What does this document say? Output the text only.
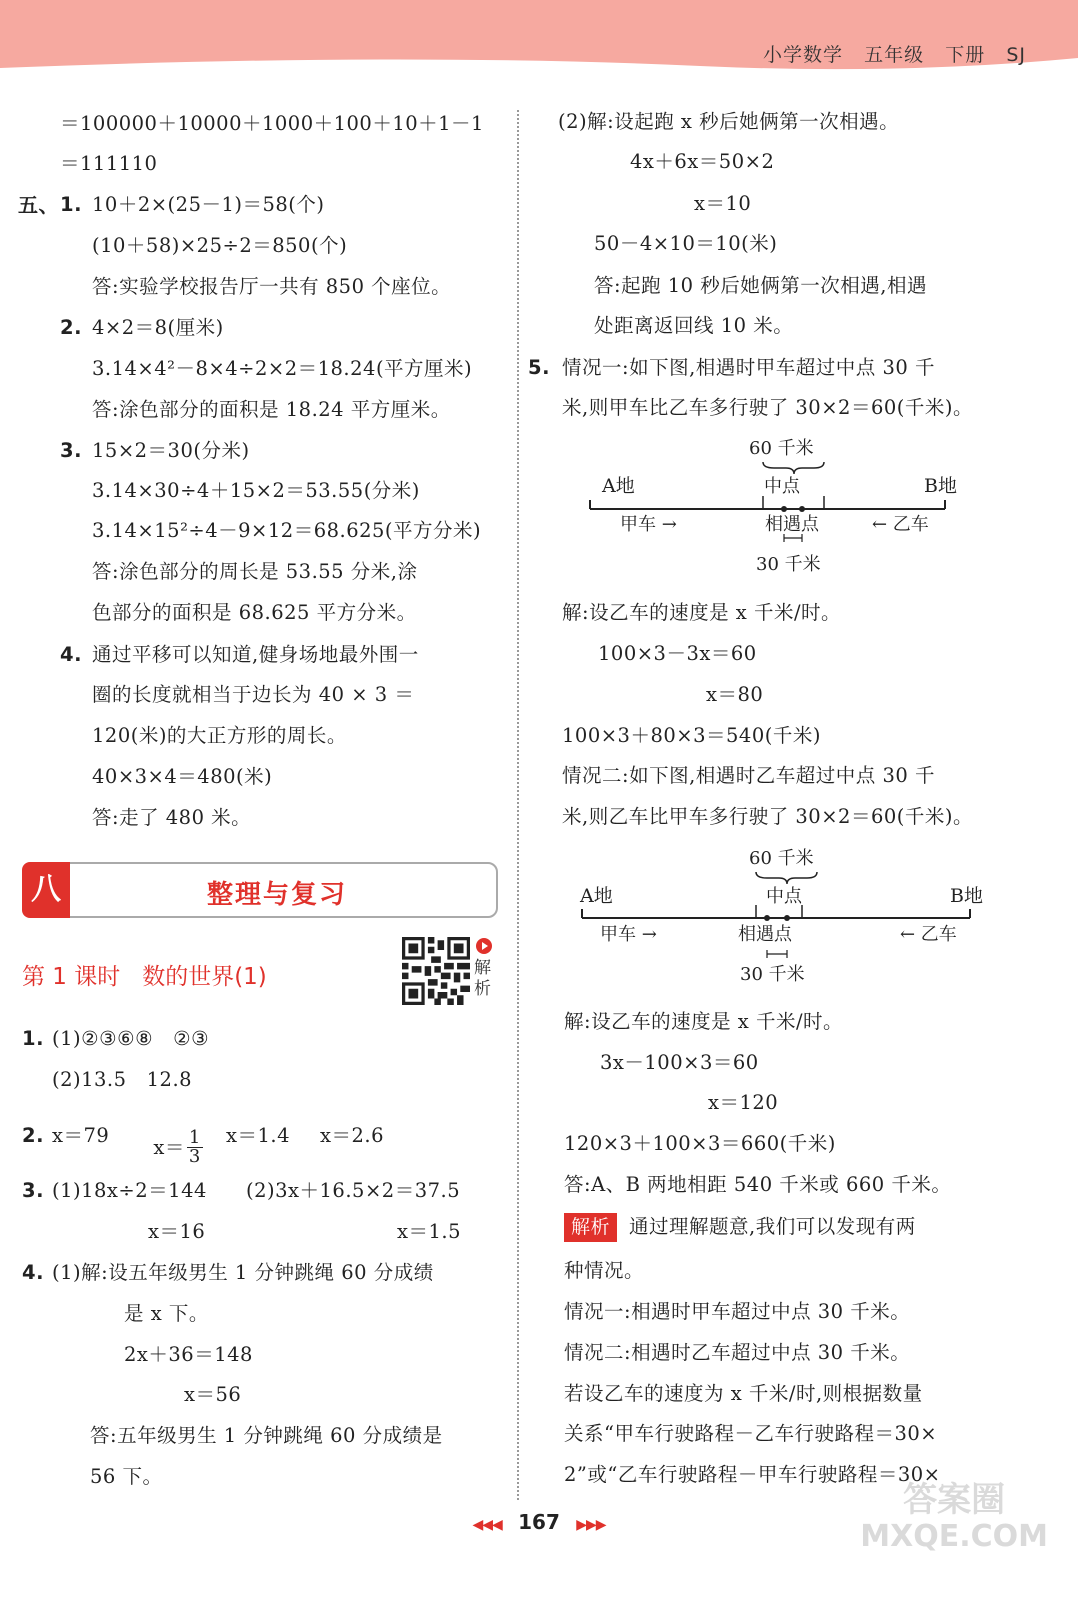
小学数学   五年级   下册   SJ
＝100000＋10000＋1000＋100＋10＋1－1
＝111110
五、 1. 10＋2×(25－1)＝58(个)
(10＋58)×25÷2＝850(个)
答:实验学校报告厅一共有 850 个座位。
2. 4×2＝8(厘米)
3.14×4²－8×4÷2×2＝18.24(平方厘米)
答:涂色部分的面积是 18.24 平方厘米。
3. 15×2＝30(分米)
3.14×30÷4＋15×2＝53.55(分米)
3.14×15²÷4－9×12＝68.625(平方分米)
答:涂色部分的周长是 53.55 分米,涂
色部分的面积是 68.625 平方分米。
4. 通过平移可以知道,健身场地最外围一
圈的长度就相当于边长为 40 × 3 ＝
120(米)的大正方形的周长。
40×3×4＝480(米)
答:走了 480 米。
八	整理与复习
第 1 课时   数的世界(1)	解析
1. (1)②③⑥⑧   ②③
(2)13.5   12.8
2. x＝79	$x= \frac{1}{3} x=1.4$ x＝2.6
3. (1)18x÷2＝144 (2)3x＋16.5×2＝37.5
x＝16	x＝1.5
4. (1)解:设五年级男生 1 分钟跳绳 60 分成绩
是 x 下。
2x＋36＝148
x＝56
答:五年级男生 1 分钟跳绳 60 分成绩是
56 下。
(2)解:设起跑 x 秒后她俩第一次相遇。
4x＋6x＝50×2
x＝10
50－4×10＝10(米)
答:起跑 10 秒后她俩第一次相遇,相遇
处距离返回线 10 米。
5. 情况一:如下图,相遇时甲车超过中点 30 千
米,则甲车比乙车多行驶了 30×2＝60(千米)。
60 千米
A地	中点	B地
甲车 →	相遇点	← 乙车
30 千米
解:设乙车的速度是 x 千米/时。
100×3－3x＝60
x＝80
100×3＋80×3＝540(千米)
情况二:如下图,相遇时乙车超过中点 30 千
米,则乙车比甲车多行驶了 30×2＝60(千米)。
60 千米
A地	中点	B地
甲车 →	相遇点	← 乙车
30 千米
解:设乙车的速度是 x 千米/时。
3x－100×3＝60
x＝120
120×3＋100×3＝660(千米)
答:A、B 两地相距 540 千米或 660 千米。
解析 通过理解题意,我们可以发现有两
种情况。
情况一:相遇时甲车超过中点 30 千米。
情况二:相遇时乙车超过中点 30 千米。
若设乙车的速度为 x 千米/时,则根据数量
关系“甲车行驶路程－乙车行驶路程＝30×
2”或“乙车行驶路程－甲车行驶路程＝30×
◀◀◀ 167 ▶▶▶
答案圈
MXQE.COM
